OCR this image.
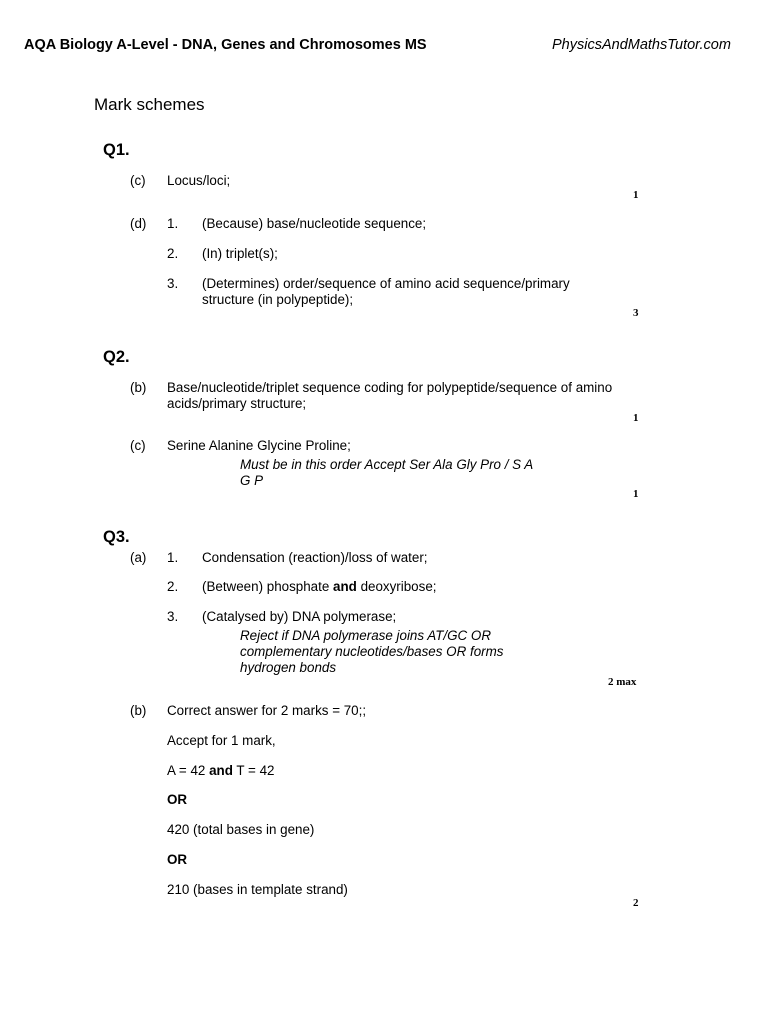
AQA Biology A-Level - DNA, Genes and Chromosomes MS	PhysicsAndMathsTutor.com
Mark schemes
Q1.
(c) Locus/loci;
1
(d) 1. (Because) base/nucleotide sequence;
2. (In) triplet(s);
3. (Determines) order/sequence of amino acid sequence/primary
structure (in polypeptide);
3
Q2.
(b) Base/nucleotide/triplet sequence coding for polypeptide/sequence of amino
acids/primary structure;
1
(c) Serine Alanine Glycine Proline;
Must be in this order Accept Ser Ala Gly Pro / S A
G P
1
Q3.
(a) 1. Condensation (reaction)/loss of water;
2. (Between) phosphate and deoxyribose;
3. (Catalysed by) DNA polymerase;
Reject if DNA polymerase joins AT/GC OR
complementary nucleotides/bases OR forms
hydrogen bonds
2 max
(b) Correct answer for 2 marks = 70;;
Accept for 1 mark,
A = 42 and T = 42
OR
420 (total bases in gene)
OR
210 (bases in template strand)
2
